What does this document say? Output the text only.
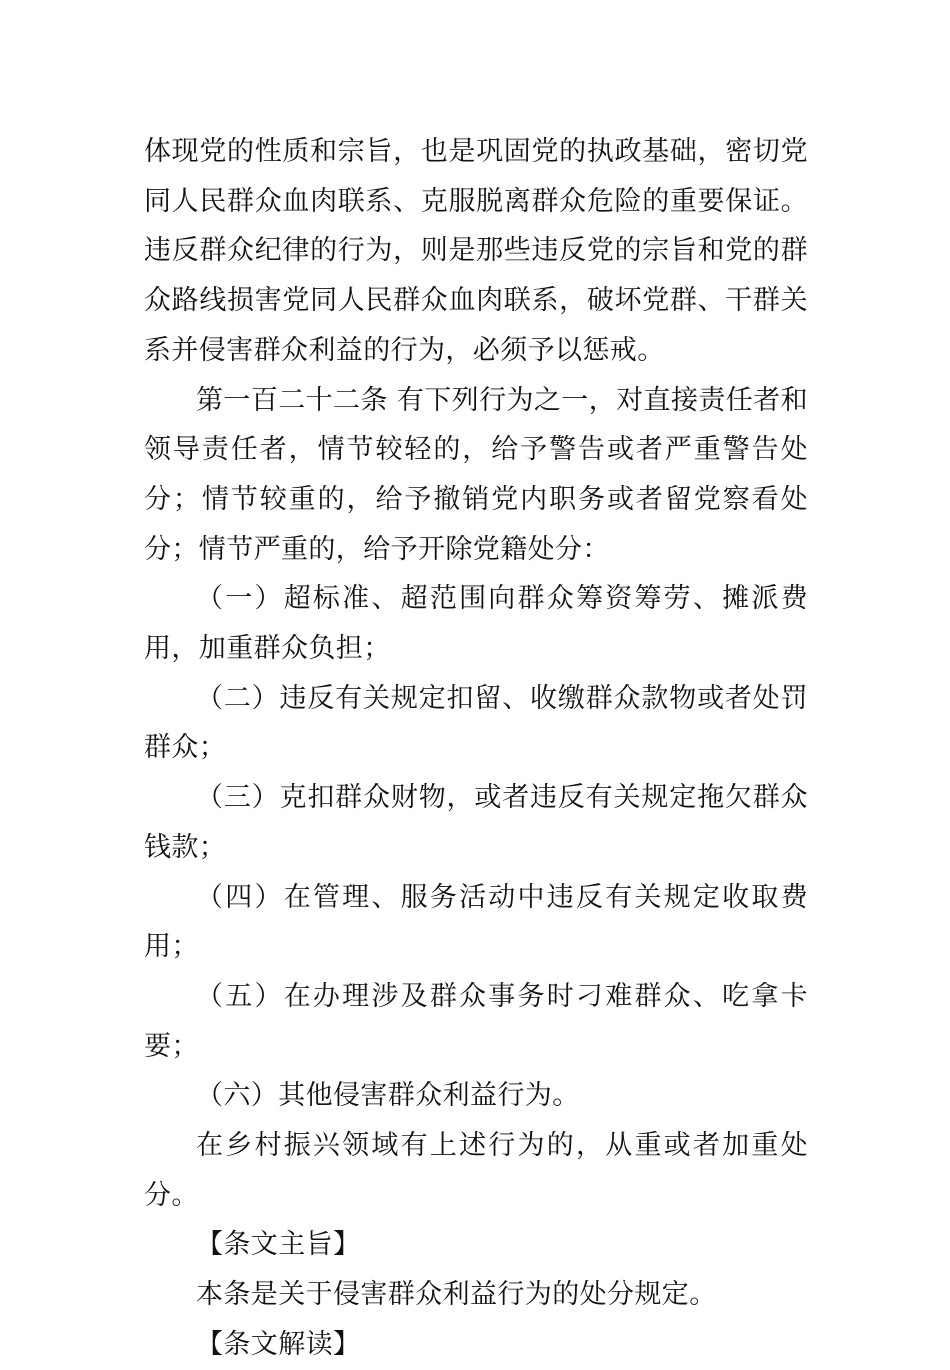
体现党的性质和宗旨，也是巩固党的执政基础，密切党同人民群众血肉联系、克服脱离群众危险的重要保证。违反群众纪律的行为，则是那些违反党的宗旨和党的群众路线损害党同人民群众血肉联系，破坏党群、干群关系并侵害群众利益的行为，必须予以惩戒。

第一百二十二条 有下列行为之一，对直接责任者和领导责任者，情节较轻的，给予警告或者严重警告处分；情节较重的，给予撤销党内职务或者留党察看处分；情节严重的，给予开除党籍处分：

（一）超标准、超范围向群众筹资筹劳、摊派费用，加重群众负担；

（二）违反有关规定扣留、收缴群众款物或者处罚群众；

（三）克扣群众财物，或者违反有关规定拖欠群众钱款；

（四）在管理、服务活动中违反有关规定收取费用；

（五）在办理涉及群众事务时刁难群众、吃拿卡要；

（六）其他侵害群众利益行为。

在乡村振兴领域有上述行为的，从重或者加重处分。

【条文主旨】

本条是关于侵害群众利益行为的处分规定。

【条文解读】
